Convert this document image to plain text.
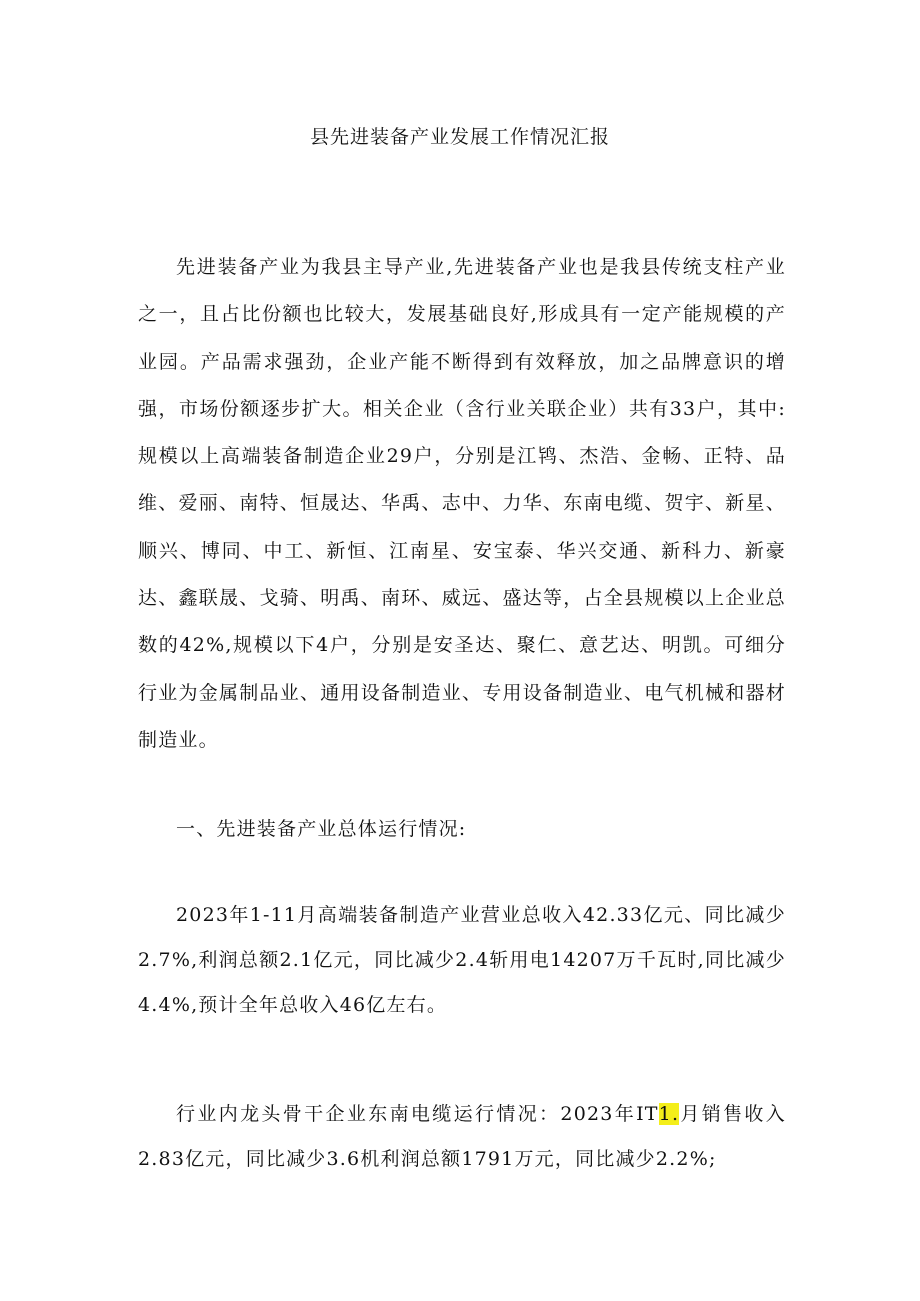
县先进装备产业发展工作情况汇报

先进装备产业为我县主导产业,先进装备产业也是我县传统支柱产业之一，且占比份额也比较大，发展基础良好,形成具有一定产能规模的产业园。产品需求强劲，企业产能不断得到有效释放，加之品牌意识的增强，市场份额逐步扩大。相关企业（含行业关联企业）共有33户，其中:规模以上高端装备制造企业29户，分别是江鸨、杰浩、金畅、正特、品维、爱丽、南特、恒晟达、华禹、志中、力华、东南电缆、贺宇、新星、顺兴、博同、中工、新恒、江南星、安宝泰、华兴交通、新科力、新豪达、鑫联晟、戈骑、明禹、南环、威远、盛达等，占全县规模以上企业总数的42%,规模以下4户，分别是安圣达、聚仁、意艺达、明凯。可细分行业为金属制品业、通用设备制造业、专用设备制造业、电气机械和器材制造业。

一、先进装备产业总体运行情况:

2023年1-11月高端装备制造产业营业总收入42.33亿元、同比减少2.7%,利润总额2.1亿元，同比减少2.4斩用电14207万千瓦时,同比减少4.4%,预计全年总收入46亿左右。

行业内龙头骨干企业东南电缆运行情况：2023年IT1.月销售收入2.83亿元，同比减少3.6机利润总额1791万元，同比减少2.2%;
